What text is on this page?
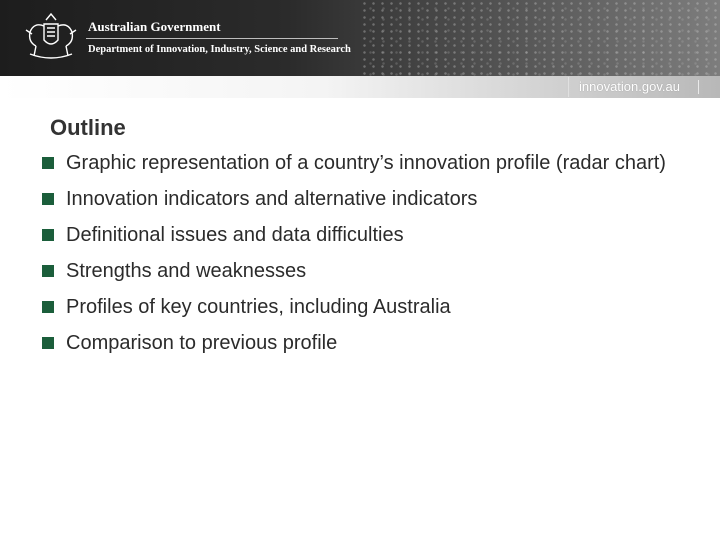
Australian Government
Department of Innovation, Industry, Science and Research
innovation.gov.au
Outline
Graphic representation of a country’s innovation profile (radar chart)
Innovation indicators and alternative indicators
Definitional issues and data difficulties
Strengths and weaknesses
Profiles of key countries, including Australia
Comparison to previous profile
